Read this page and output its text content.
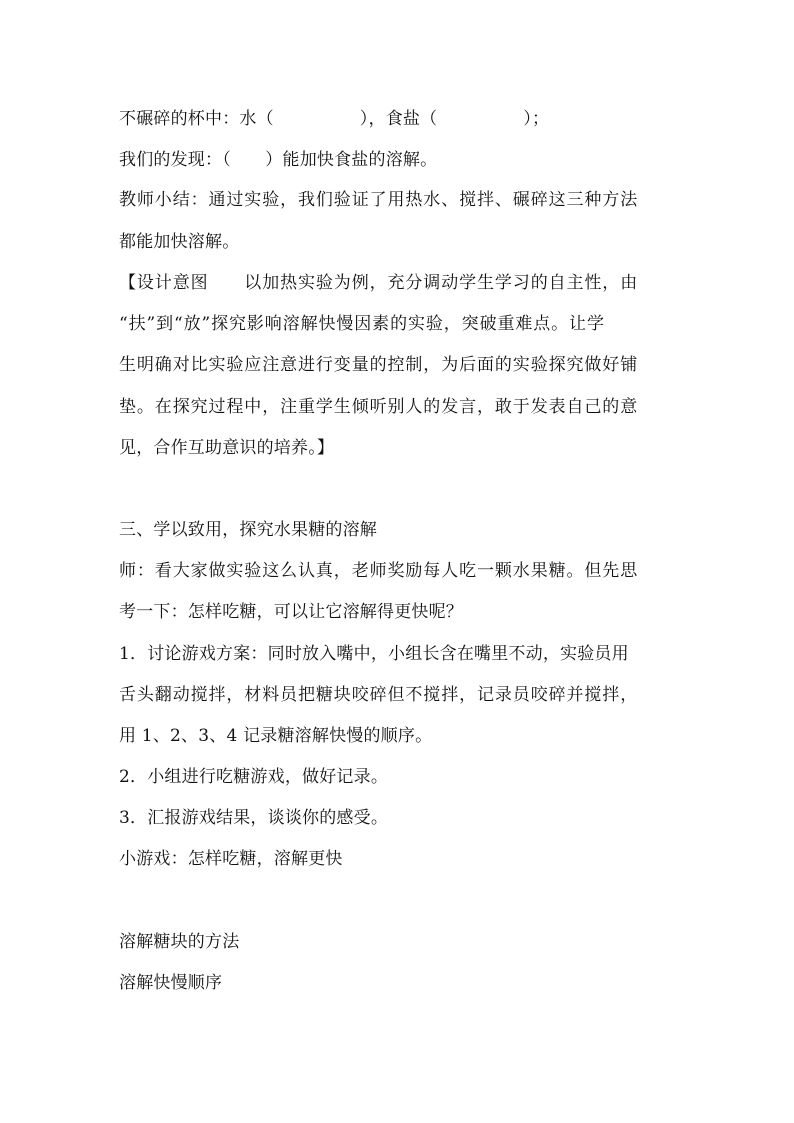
不碾碎的杯中：水（　　　　　），食盐（　　　　　）；
我们的发现：（　　）能加快食盐的溶解。
教师小结：通过实验，我们验证了用热水、搅拌、碾碎这三种方法
都能加快溶解。
【设计意图　　以加热实验为例，充分调动学生学习的自主性，由
“扶”到“放”探究影响溶解快慢因素的实验，突破重难点。让学
生明确对比实验应注意进行变量的控制，为后面的实验探究做好铺
垫。在探究过程中，注重学生倾听别人的发言，敢于发表自己的意
见，合作互助意识的培养。】
三、学以致用，探究水果糖的溶解
师：看大家做实验这么认真，老师奖励每人吃一颗水果糖。但先思
考一下：怎样吃糖，可以让它溶解得更快呢？
1．讨论游戏方案：同时放入嘴中，小组长含在嘴里不动，实验员用
舌头翻动搅拌，材料员把糖块咬碎但不搅拌，记录员咬碎并搅拌，
用 1、2、3、4 记录糖溶解快慢的顺序。
2．小组进行吃糖游戏，做好记录。
3．汇报游戏结果，谈谈你的感受。
小游戏：怎样吃糖，溶解更快
溶解糖块的方法
溶解快慢顺序
